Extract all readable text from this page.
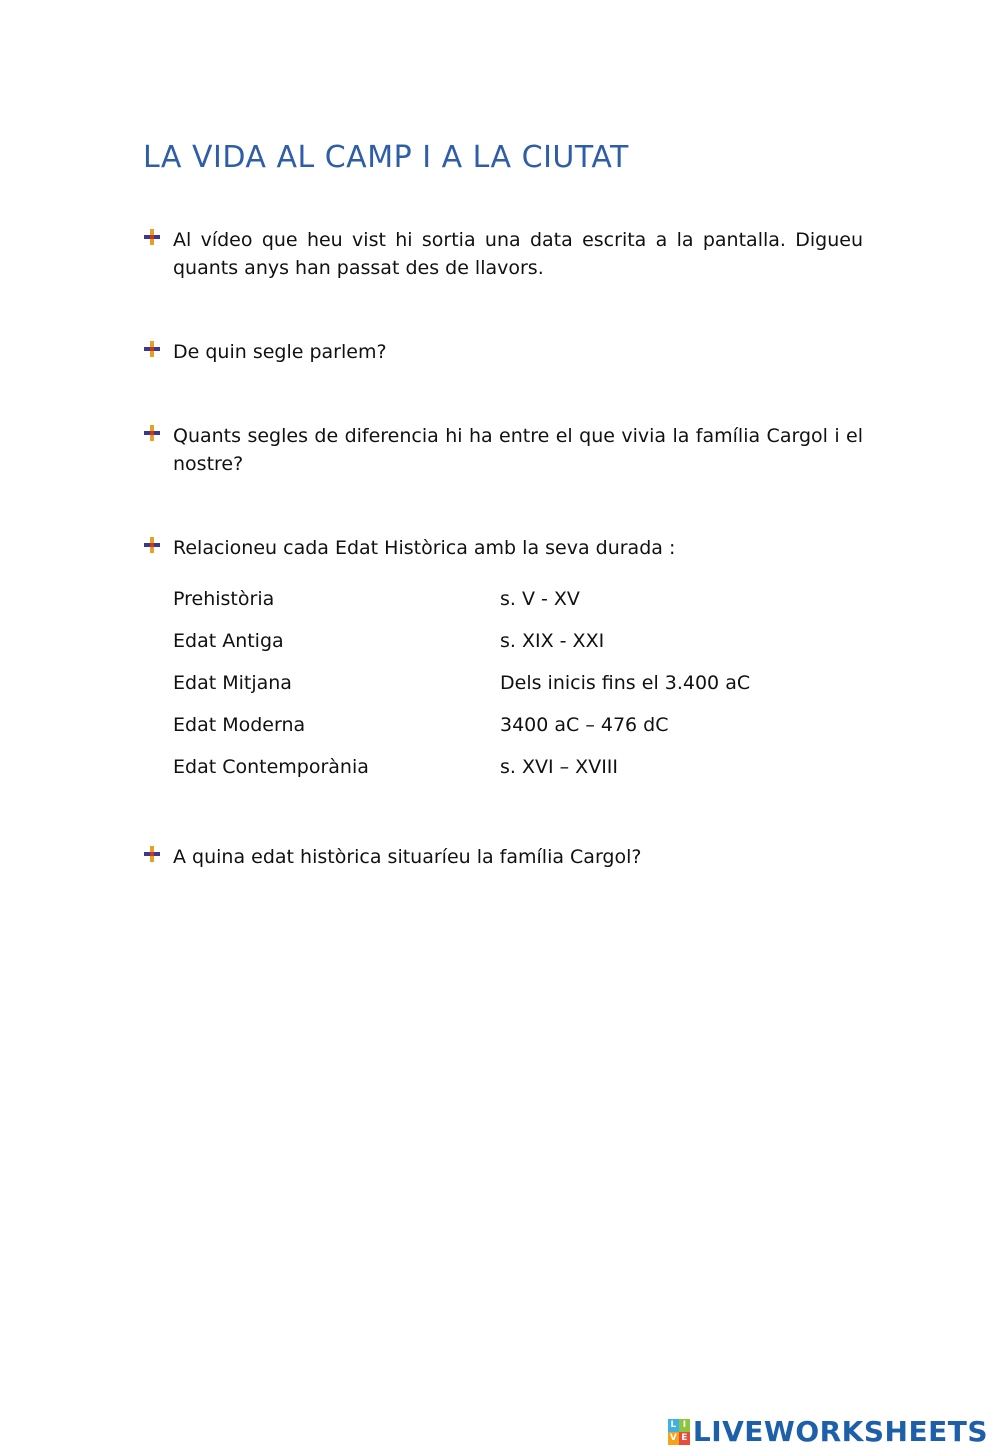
LA VIDA AL CAMP I A LA CIUTAT
Al vídeo que heu vist hi sortia una data escrita a la pantalla. Digueu quants anys han passat des de llavors.
De quin segle parlem?
Quants segles de diferencia hi ha entre el que vivia la família Cargol i el nostre?
Relacioneu cada Edat Històrica amb la seva durada :
Prehistòria	s. V - XV
Edat Antiga	s. XIX - XXI
Edat Mitjana	Dels inicis fins el 3.400 aC
Edat Moderna	3400 aC – 476 dC
Edat Contemporània	s. XVI – XVIII
A quina edat històrica situaríeu la família Cargol?
L I
V E LIVEWORKSHEETS
